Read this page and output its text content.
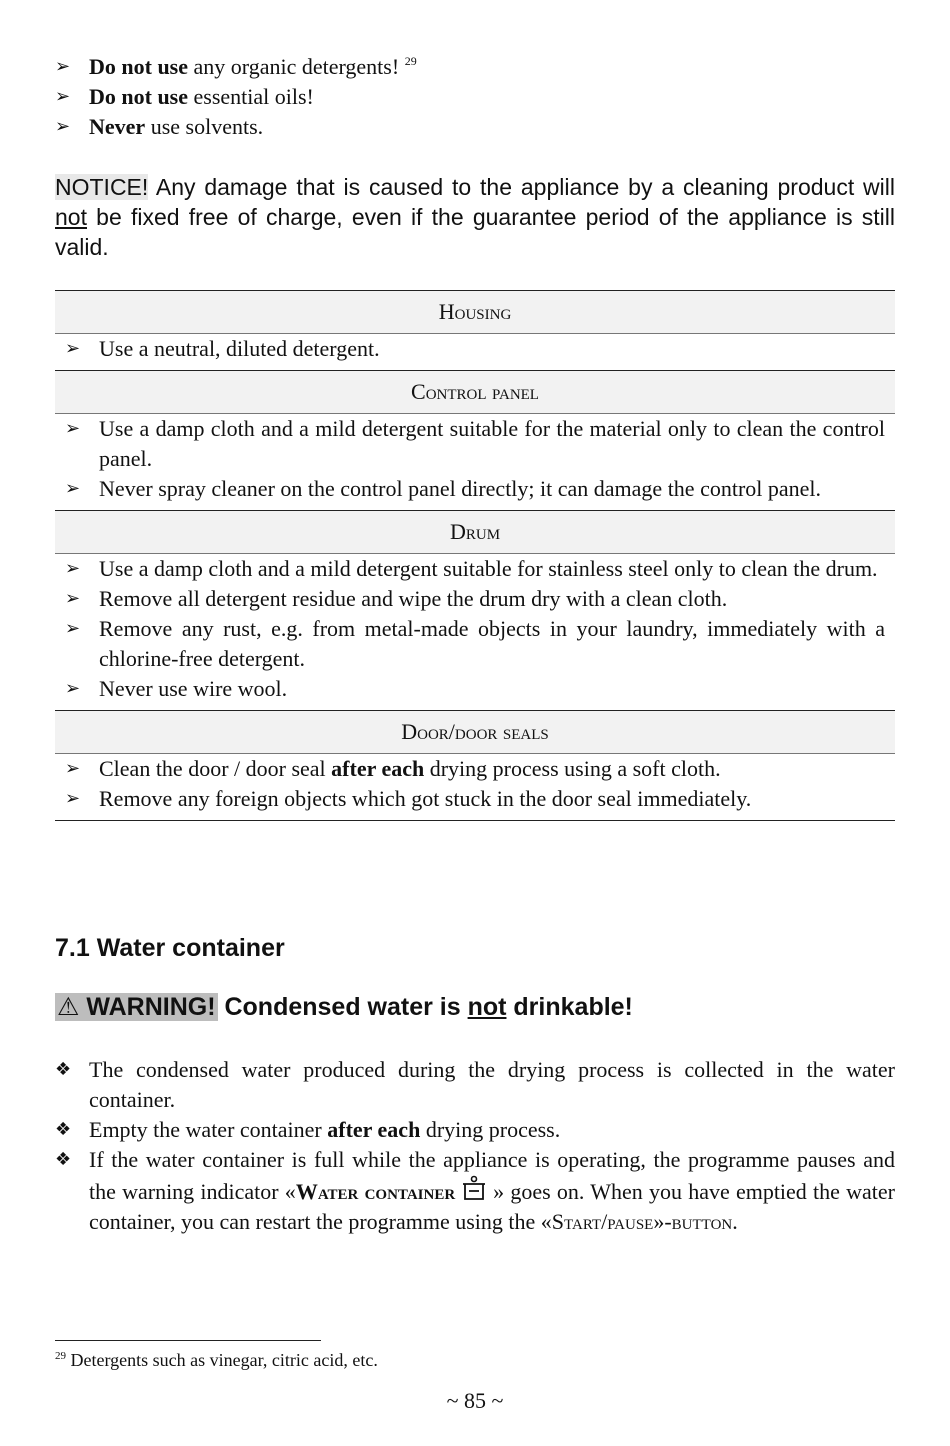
➢ Do not use any organic detergents! $^{29}$
➢ Do not use essential oils!
➢ Never use solvents.
NOTICE! Any damage that is caused to the appliance by a cleaning product will not be fixed free of charge, even if the guarantee period of the appliance is still valid.
Housing

➢ Use a neutral, diluted detergent.

Control panel

➢ Use a damp cloth and a mild detergent suitable for the material only to clean the control panel.
➢ Never spray cleaner on the control panel directly; it can damage the control panel.

Drum

➢ Use a damp cloth and a mild detergent suitable for stainless steel only to clean the drum.
➢ Remove all detergent residue and wipe the drum dry with a clean cloth.
➢ Remove any rust, e.g. from metal-made objects in your laundry, immediately with a chlorine-free detergent.
➢ Never use wire wool.

Door/door seals

➢ Clean the door / door seal after each drying process using a soft cloth.
➢ Remove any foreign objects which got stuck in the door seal immediately.
7.1 Water container
⚠ WARNING! Condensed water is not drinkable!
❖ The condensed water produced during the drying process is collected in the water container.
❖ Empty the water container after each drying process.
❖ If the water container is full while the appliance is operating, the programme pauses and the warning indicator «Water container » goes on. When you have emptied the water container, you can restart the programme using the «Start/pause»-button.
$^{29}$ Detergents such as vinegar, citric acid, etc.
~ 85 ~
